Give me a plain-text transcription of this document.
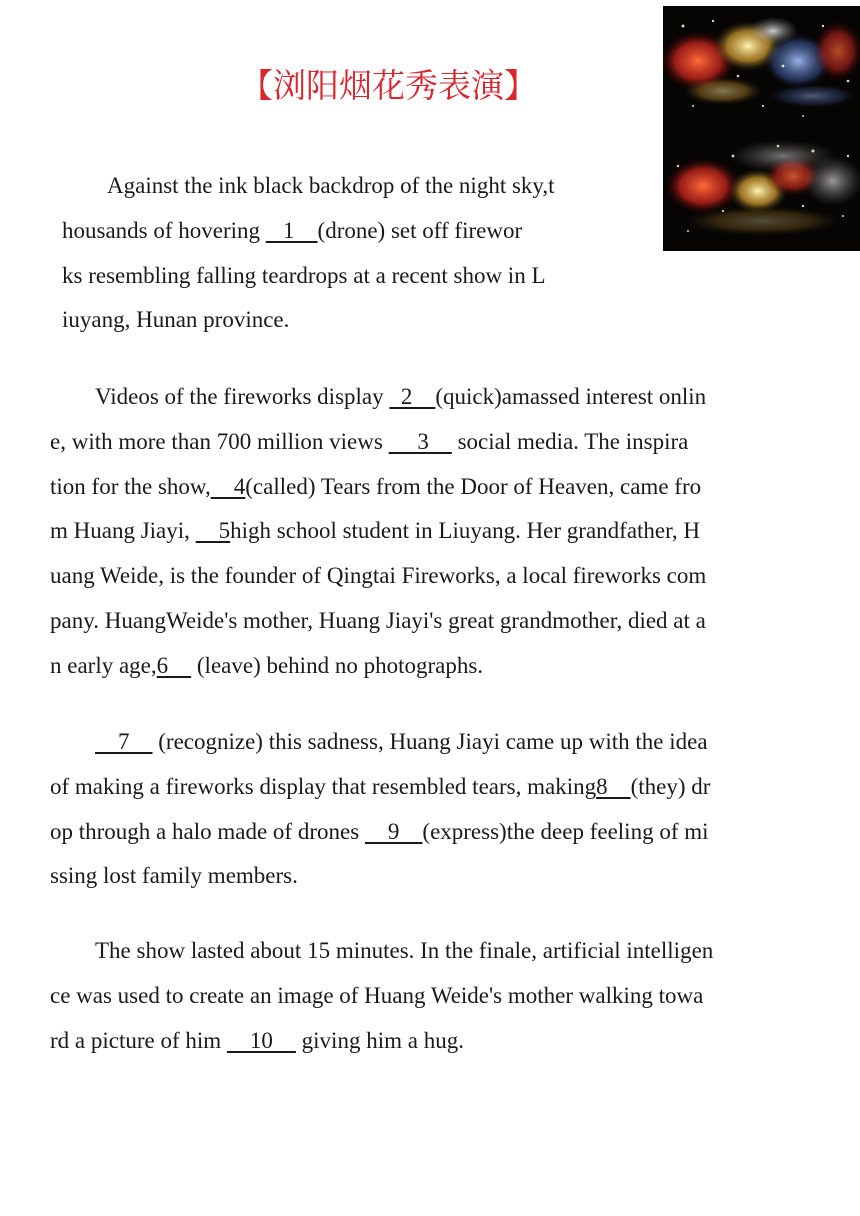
【浏阳烟花秀表演】
Against the ink black backdrop of the night sky,t
housands of hovering    1    (drone) set off firewor
ks resembling falling teardrops at a recent show in L
iuyang, Hunan province.
Videos of the fireworks display   2    (quick)amassed interest onlin
e, with more than 700 million views      3     social media. The inspira
tion for the show,    4(called) Tears from the Door of Heaven, came fro
m Huang Jiayi,     5high school student in Liuyang. Her grandfather, H
uang Weide, is the founder of Qingtai Fireworks, a local fireworks com
pany. HuangWeide's mother, Huang Jiayi's great grandmother, died at a
n early age,6     (leave) behind no photographs.
7     (recognize) this sadness, Huang Jiayi came up with the idea
of making a fireworks display that resembled tears, making8    (they) dr
op through a halo made of drones     9    (express)the deep feeling of mi
ssing lost family members.
The show lasted about 15 minutes. In the finale, artificial intelligen
ce was used to create an image of Huang Weide's mother walking towa
rd a picture of him     10     giving him a hug.
